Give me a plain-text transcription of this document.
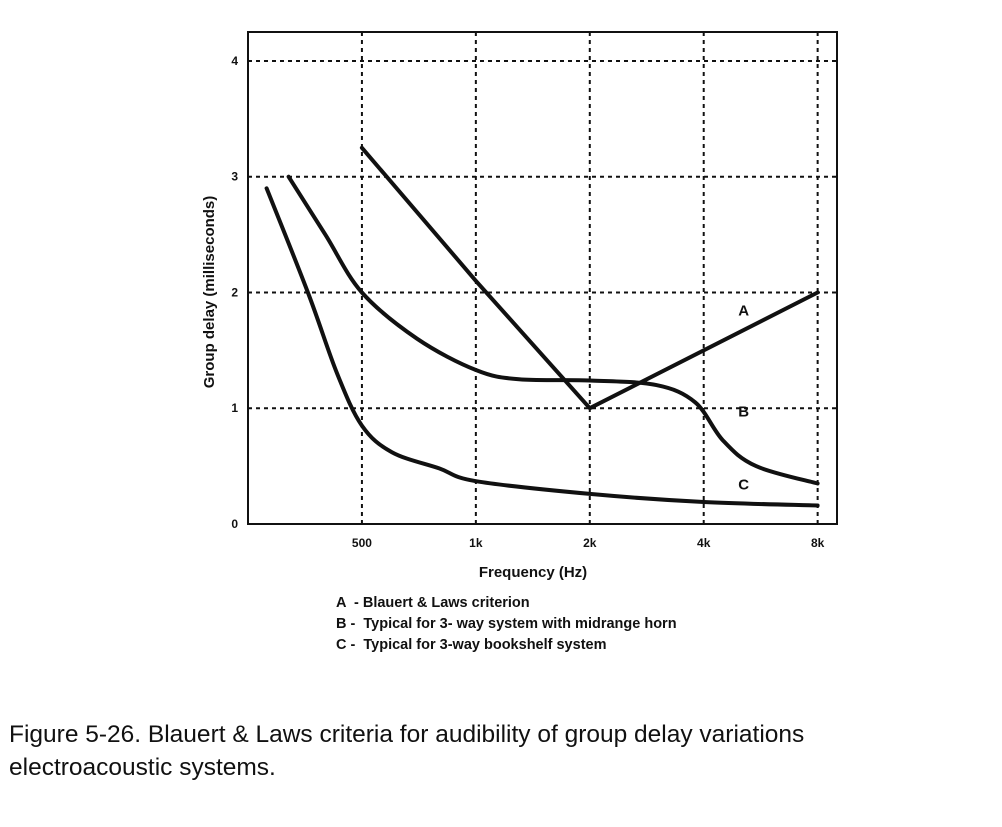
A
B
C
500	1k	2k	4k	8k
0
1
2
3
4
Frequency (Hz)
Group delay (milliseconds)
A  - Blauert & Laws criterion
B -  Typical for 3- way system with midrange horn
C -  Typical for 3-way bookshelf system
Figure 5-26. Blauert & Laws criteria for audibility of group delay variations
electroacoustic systems.
